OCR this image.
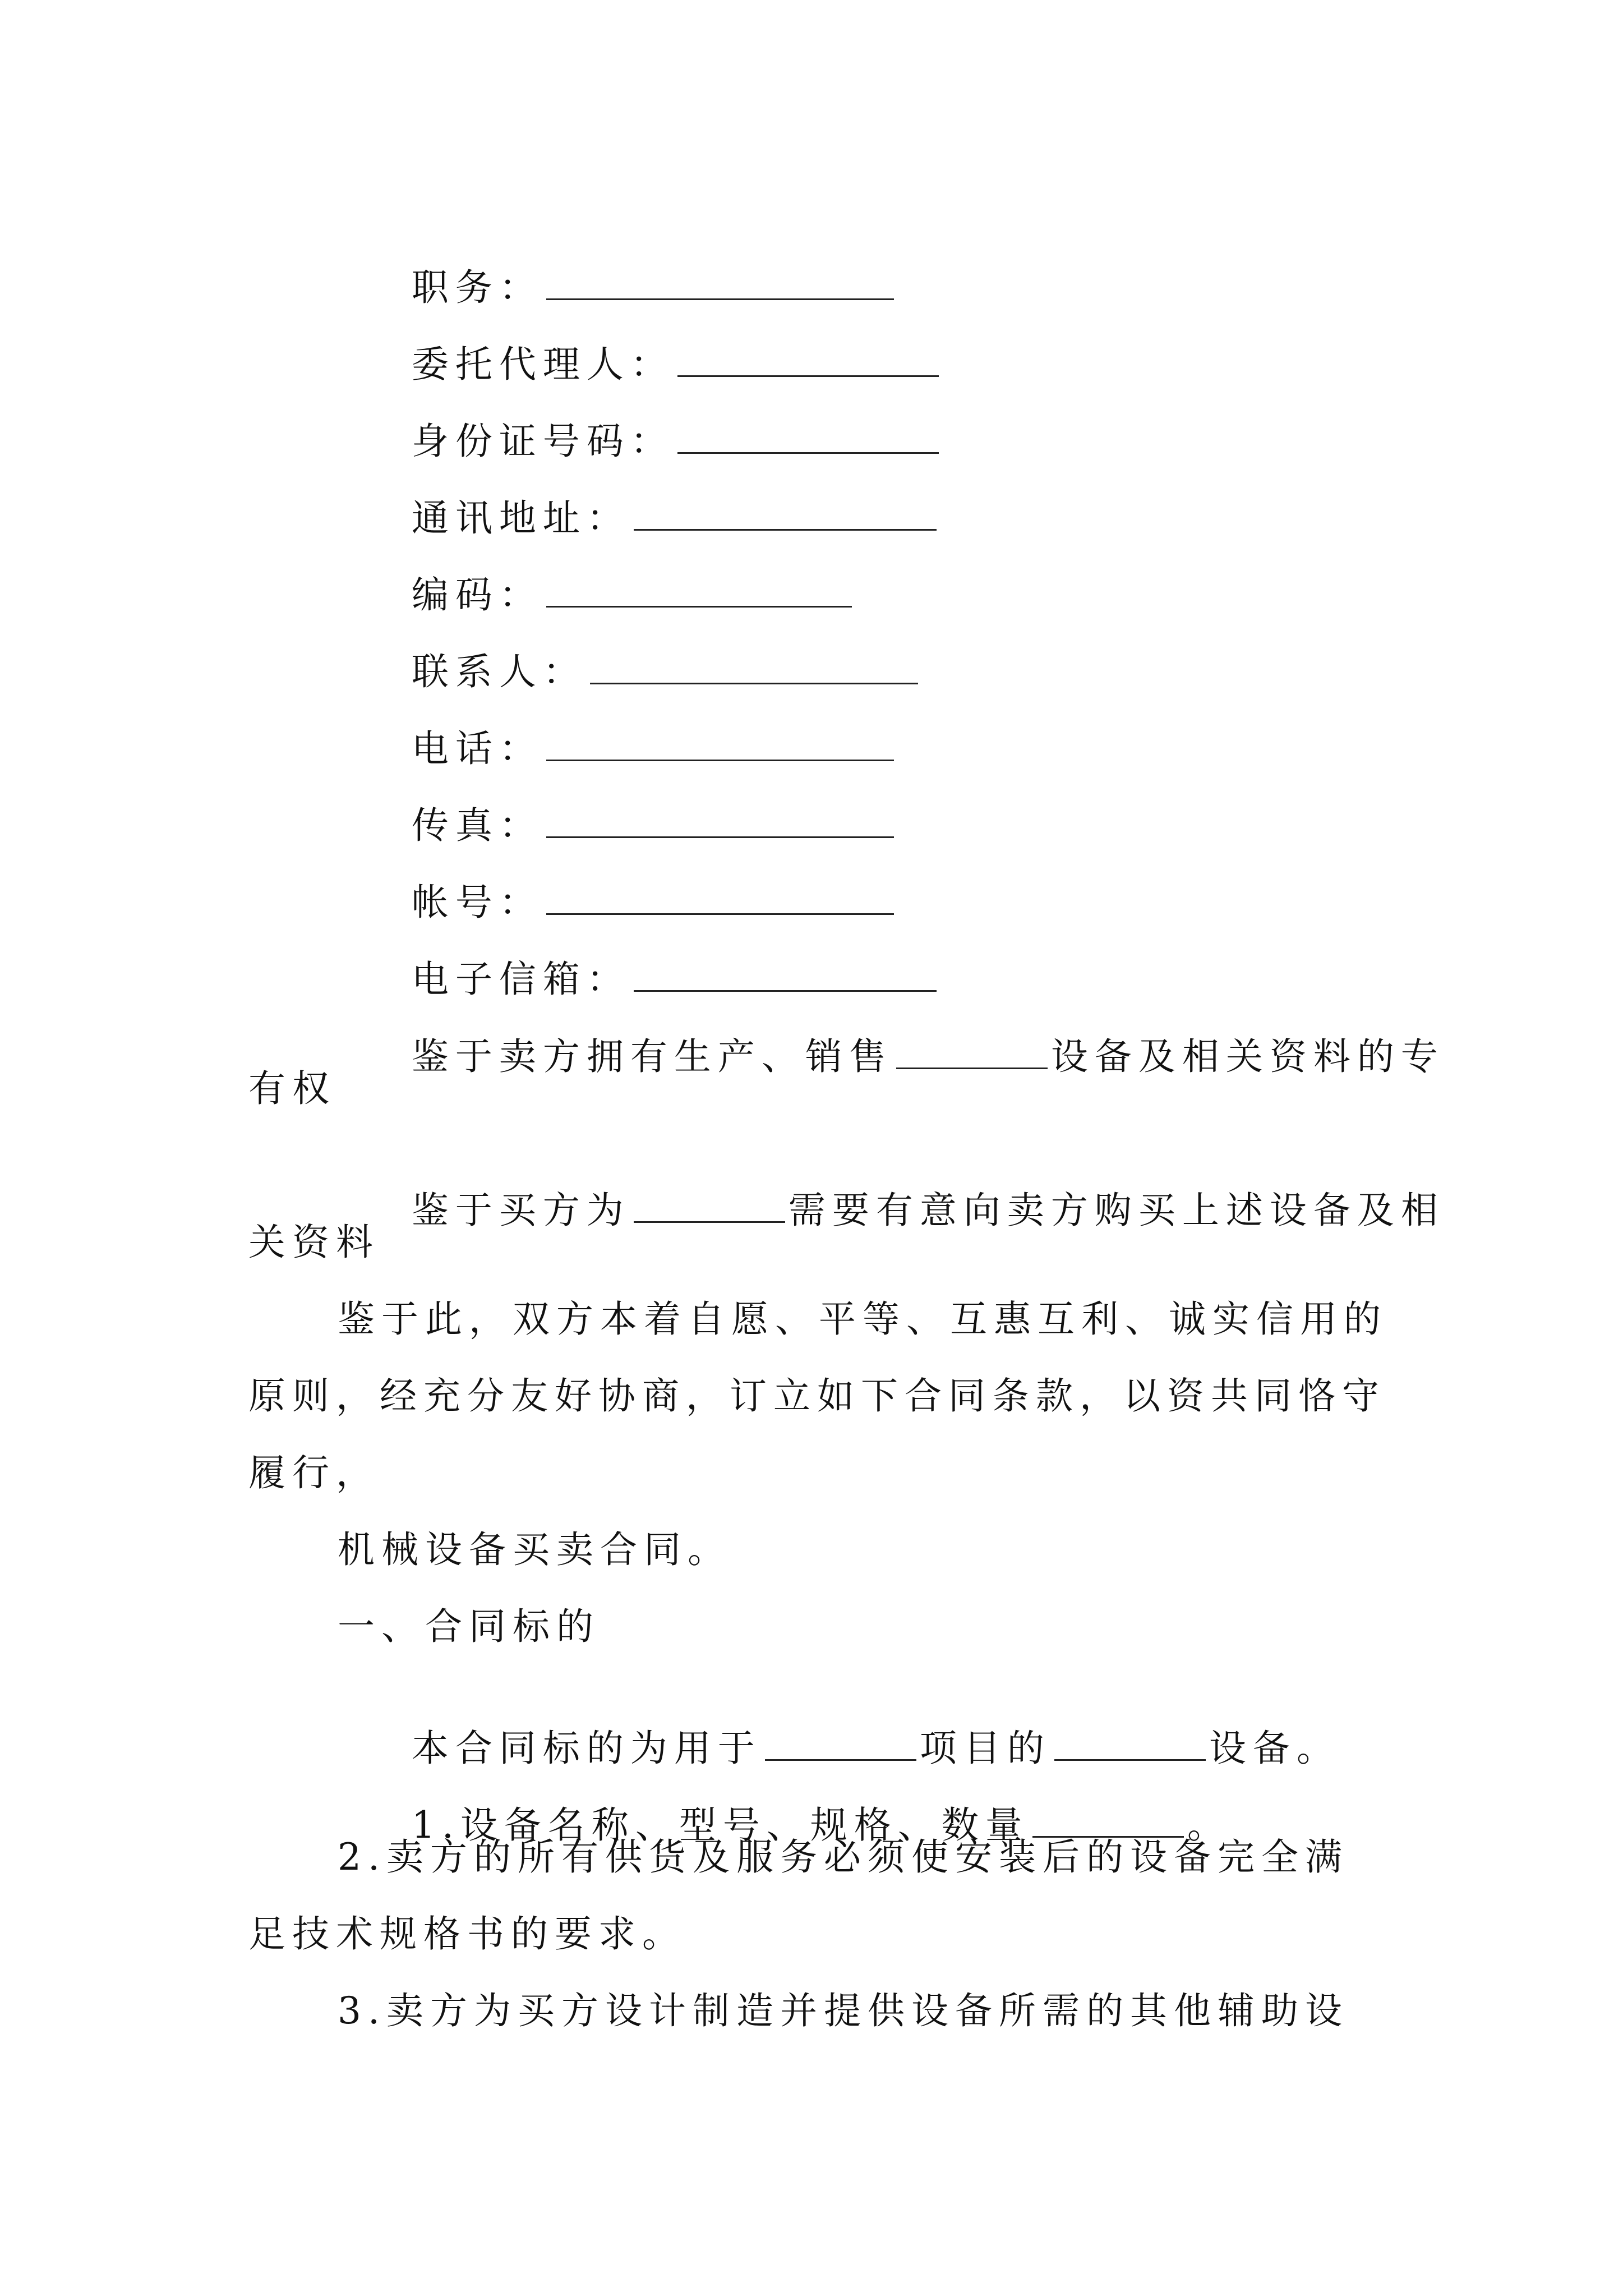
职务：

委托代理人：

身份证号码：

通讯地址：

编码：

联系人：

电话：

传真：

帐号：

电子信箱：

鉴于卖方拥有生产、销售	设备及相关资料的专

有权

鉴于买方为	需要有意向卖方购买上述设备及相

关资料
鉴于此，双方本着自愿、平等、互惠互利、诚实信用的
原则，经充分友好协商，订立如下合同条款，以资共同恪守
履行，
机械设备买卖合同。
一、合同标的

本合同标的为用于	项目的	设备。

1.设备名称、型号、规格、数量	。

2.卖方的所有供货及服务必须使安装后的设备完全满
足技术规格书的要求。
3.卖方为买方设计制造并提供设备所需的其他辅助设
